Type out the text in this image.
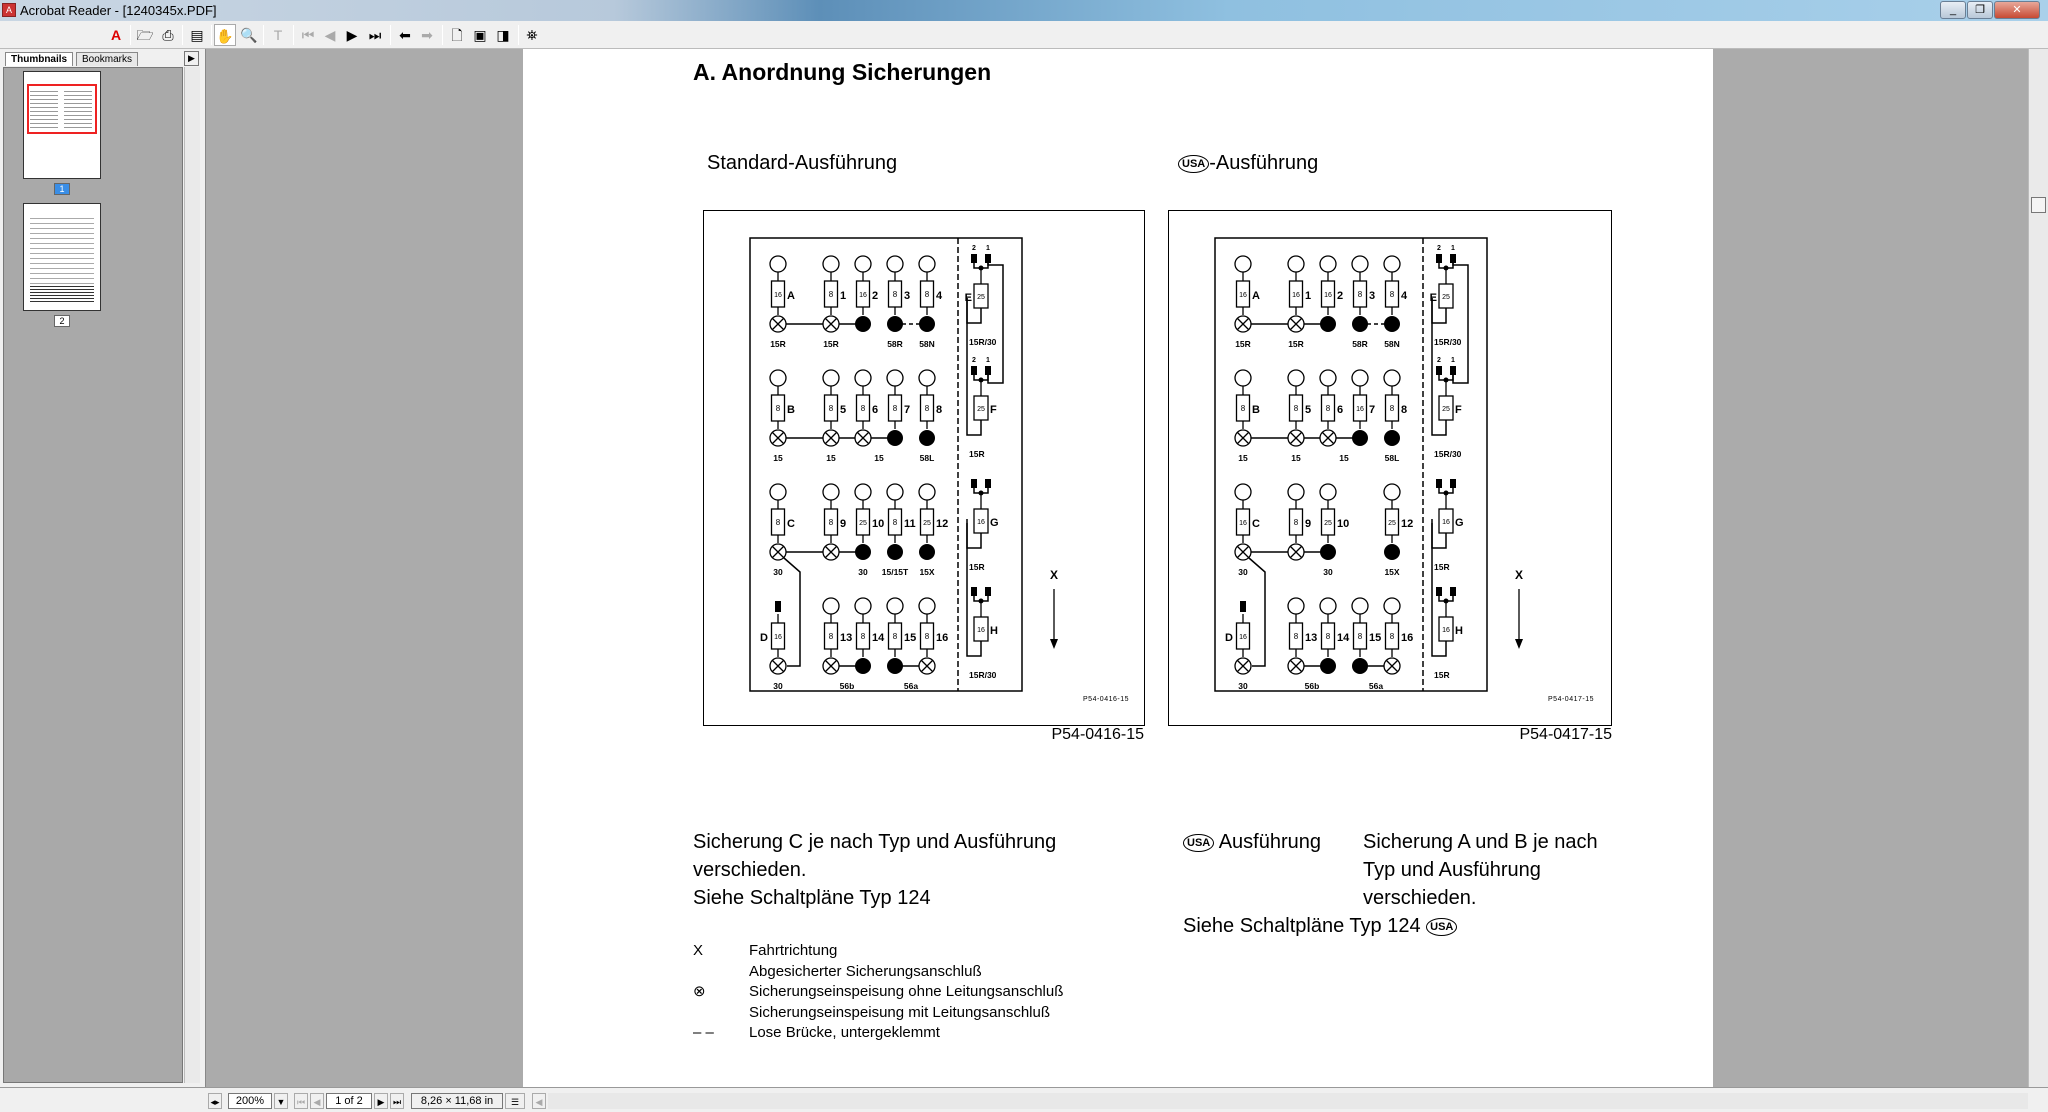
A Acrobat Reader - [1240345x.PDF]	_	❐	✕
A	🗁 ⎙	▤ ✋ 🔍	T	⏮ ◀ ▶ ⏭	⬅ ➡	🗋 ▣ ◨	⛯
Thumbnails	Bookmarks	▶
1
2
A. Anordnung Sicherungen
Standard-Ausführung	USA -Ausführung
16 A	8 1 16 2 8 3 8 4
8 B	8 5 8 6 8 7 8 8
8 C	8 9 25 10 8 11 25 12
16
D	8 13 8 14 8 15 8 16
15R	15R	58R 58N
15	15	15	58L
30	30 15/15T 15X
30	56b	56a
2 1
25
E
15R/30
2 1
25 F
15R
16 G
15R
16 H
15R/30
X
P54-0416-15
16 A	16 1 16 2 8 3 8 4
8 B	8 5 8 6 16 7 8 8
16 C	8 9 25 10	25 12
16
D	8 13 8 14 8 15 8 16
15R	15R	58R 58N
15	15	15	58L
30	30	15X
30	56b	56a
2 1
25
E
15R/30
2 1
25 F
15R/30
16 G
15R
16 H
15R
X
P54-0417-15
P54-0416-15	P54-0417-15
Sicherung C je nach Typ und Ausführung
verschieden.
Siehe Schaltpläne Typ 124
USA Ausführung Sicherung A und B je nach
Typ und Ausführung
verschieden.
Siehe Schaltpläne Typ 124 USA
X	Fahrtrichtung
Abgesicherter Sicherungsanschluß
⊗	Sicherungseinspeisung ohne Leitungsanschluß
Sicherungseinspeisung mit Leitungsanschluß
– – Lose Brücke, untergeklemmt
◂▸	200%	▼	⏮ ◀	1 of 2	▶ ⏭	8,26 × 11,68 in	☰	◀
